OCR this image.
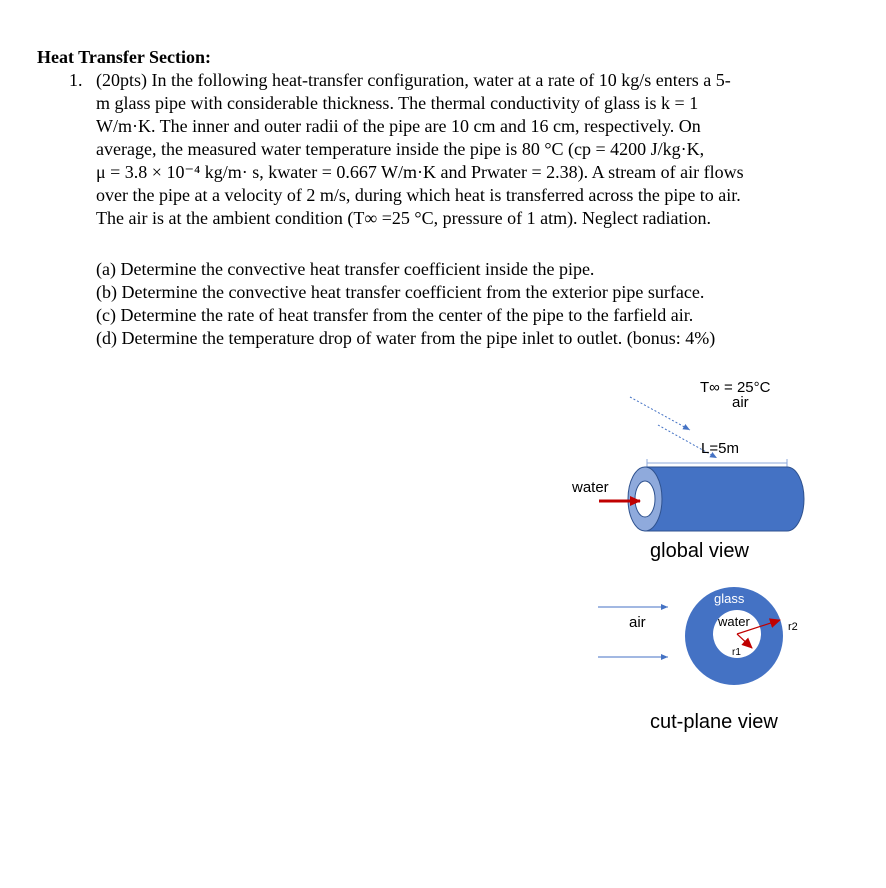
Heat Transfer Section:
1. (20pts) In the following heat-transfer configuration, water at a rate of 10 kg/s enters a 5-
m glass pipe with considerable thickness. The thermal conductivity of glass is k = 1
W/m·K. The inner and outer radii of the pipe are 10 cm and 16 cm, respectively. On
average, the measured water temperature inside the pipe is 80 °C (cp = 4200 J/kg·K,
μ = 3.8 × 10⁻⁴ kg/m· s, kwater = 0.667 W/m·K and Prwater = 2.38). A stream of air flows
over the pipe at a velocity of 2 m/s, during which heat is transferred across the pipe to air.
The air is at the ambient condition (T∞ =25 °C, pressure of 1 atm). Neglect radiation.
(a) Determine the convective heat transfer coefficient inside the pipe.
(b) Determine the convective heat transfer coefficient from the exterior pipe surface.
(c) Determine the rate of heat transfer from the center of the pipe to the farfield air.
(d) Determine the temperature drop of water from the pipe inlet to outlet. (bonus: 4%)
T∞ = 25°C
air
L=5m
water
global view
air
glass
water	r2
r1
cut-plane view
